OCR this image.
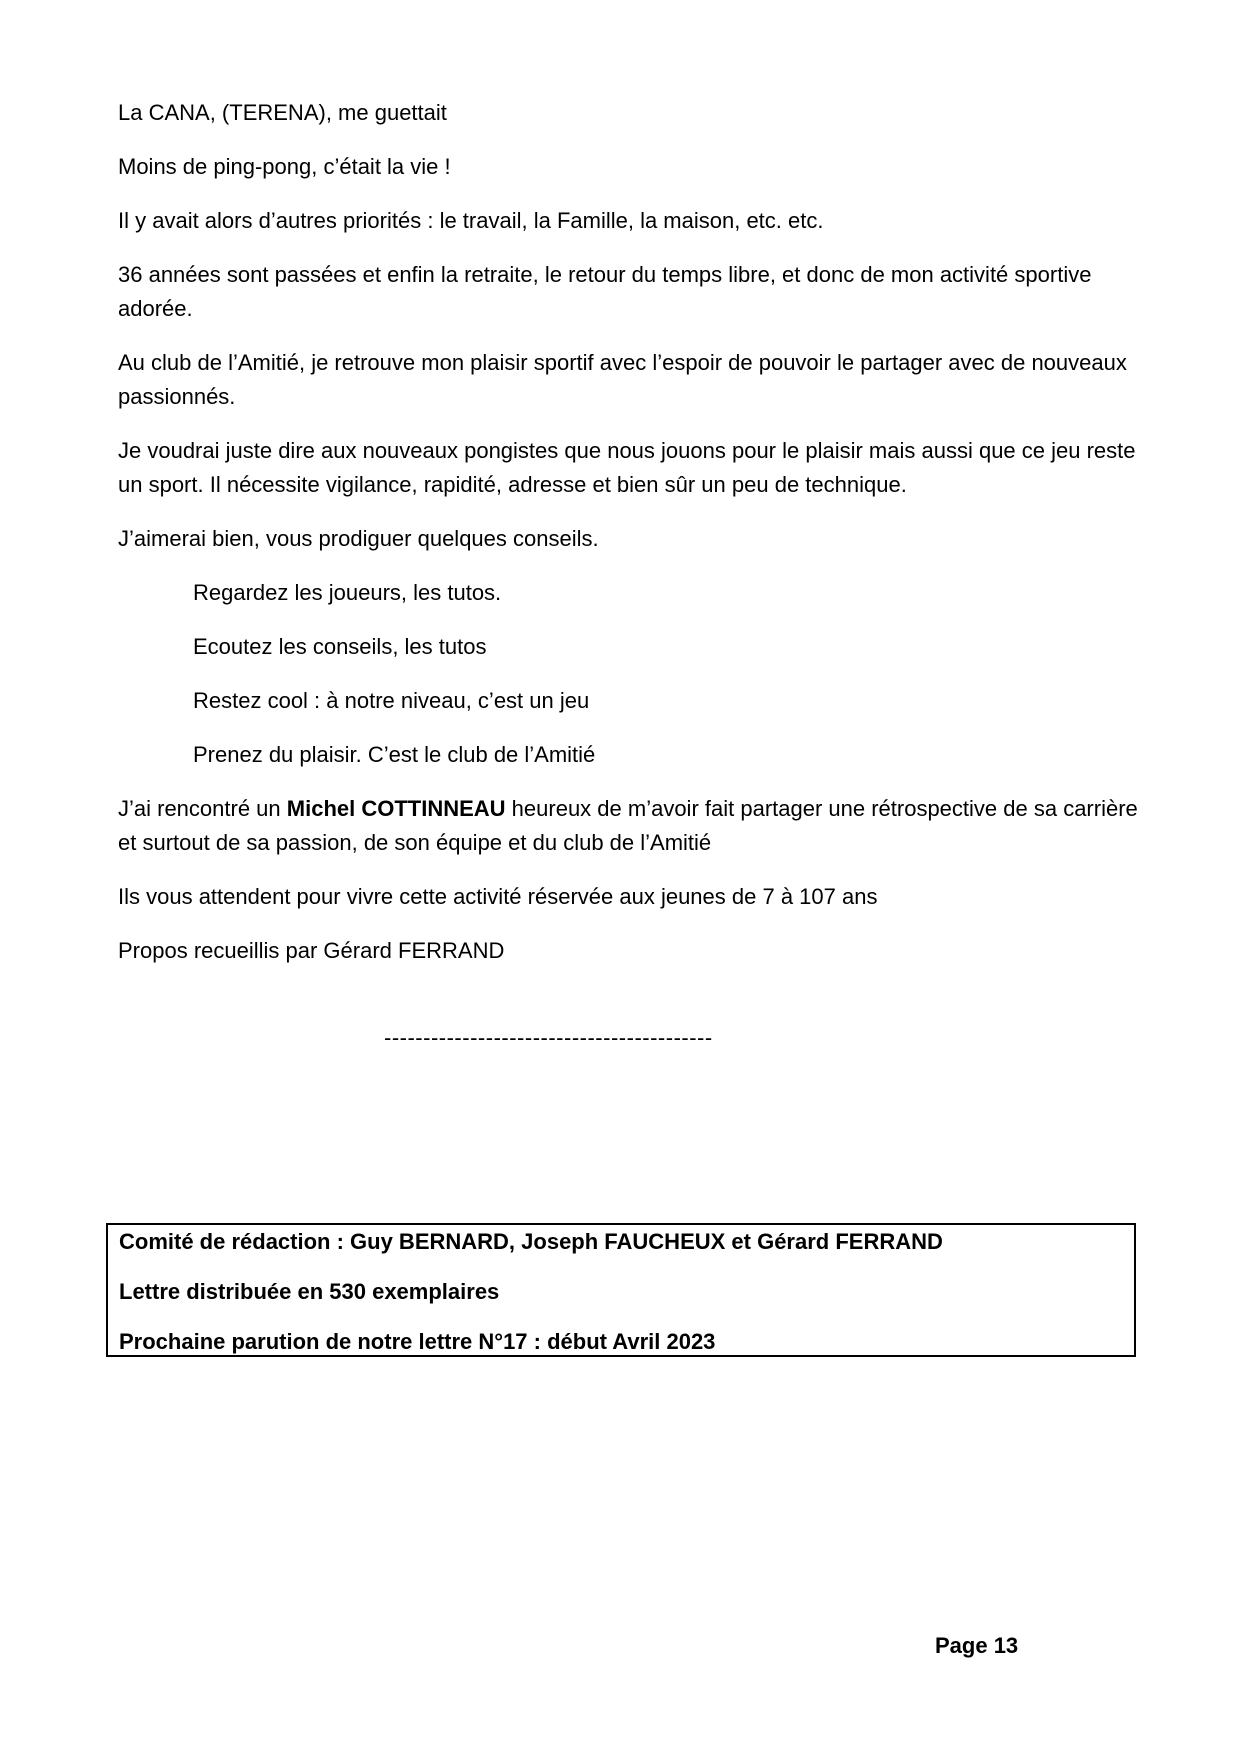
La CANA, (TERENA), me guettait

Moins de ping-pong, c’était la vie !

Il y avait alors d’autres priorités : le travail, la Famille, la maison, etc. etc.

36 années sont passées et enfin la retraite, le retour du temps libre, et donc de mon activité sportive adorée.

Au club de l’Amitié, je retrouve mon plaisir sportif avec l’espoir de pouvoir le partager avec de nouveaux passionnés.

Je voudrai juste dire aux nouveaux pongistes que nous jouons pour le plaisir mais aussi que ce jeu reste un sport. Il nécessite vigilance, rapidité, adresse et bien sûr un peu de technique.

J’aimerai bien, vous prodiguer quelques conseils.

Regardez les joueurs, les tutos.

Ecoutez les conseils, les tutos

Restez cool : à notre niveau, c’est un jeu

Prenez du plaisir. C’est le club de l’Amitié

J’ai rencontré un Michel COTTINNEAU heureux de m’avoir fait partager une rétrospective de sa carrière et surtout de sa passion, de son équipe et du club de l’Amitié

Ils vous attendent pour vivre cette activité réservée aux jeunes de 7 à 107 ans

Propos recueillis par Gérard FERRAND

------------------------------------------

Comité de rédaction : Guy BERNARD, Joseph FAUCHEUX et Gérard FERRAND

Lettre distribuée en 530 exemplaires

Prochaine parution de notre lettre N°17 : début Avril 2023

Page 13
